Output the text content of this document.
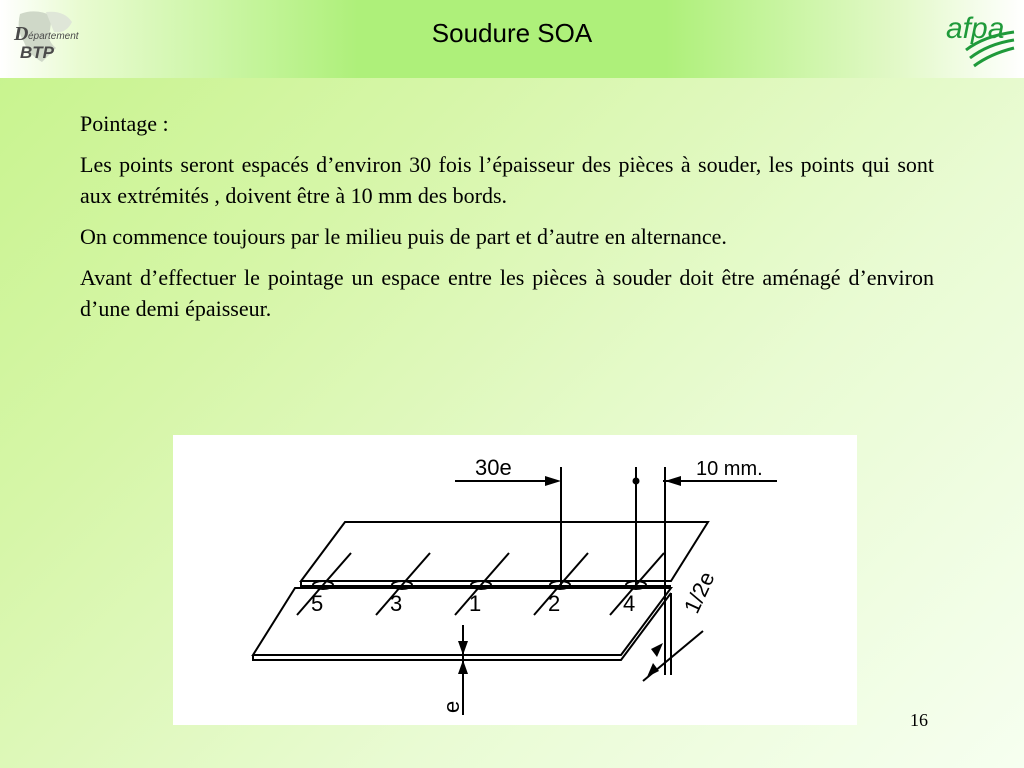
D épartement
BTP
Soudure SOA	afpa

Pointage :

Les points seront espacés d’environ 30 fois l’épaisseur des pièces à souder, les points qui sont aux extrémités , doivent être à 10 mm des bords.

On commence toujours par le milieu puis de part et d’autre en alternance.

Avant d’effectuer le pointage un espace entre les pièces à souder doit être aménagé d’environ d’une demi épaisseur.

30e	10 mm.
1/2e
e
5	3	1	2	4
16
